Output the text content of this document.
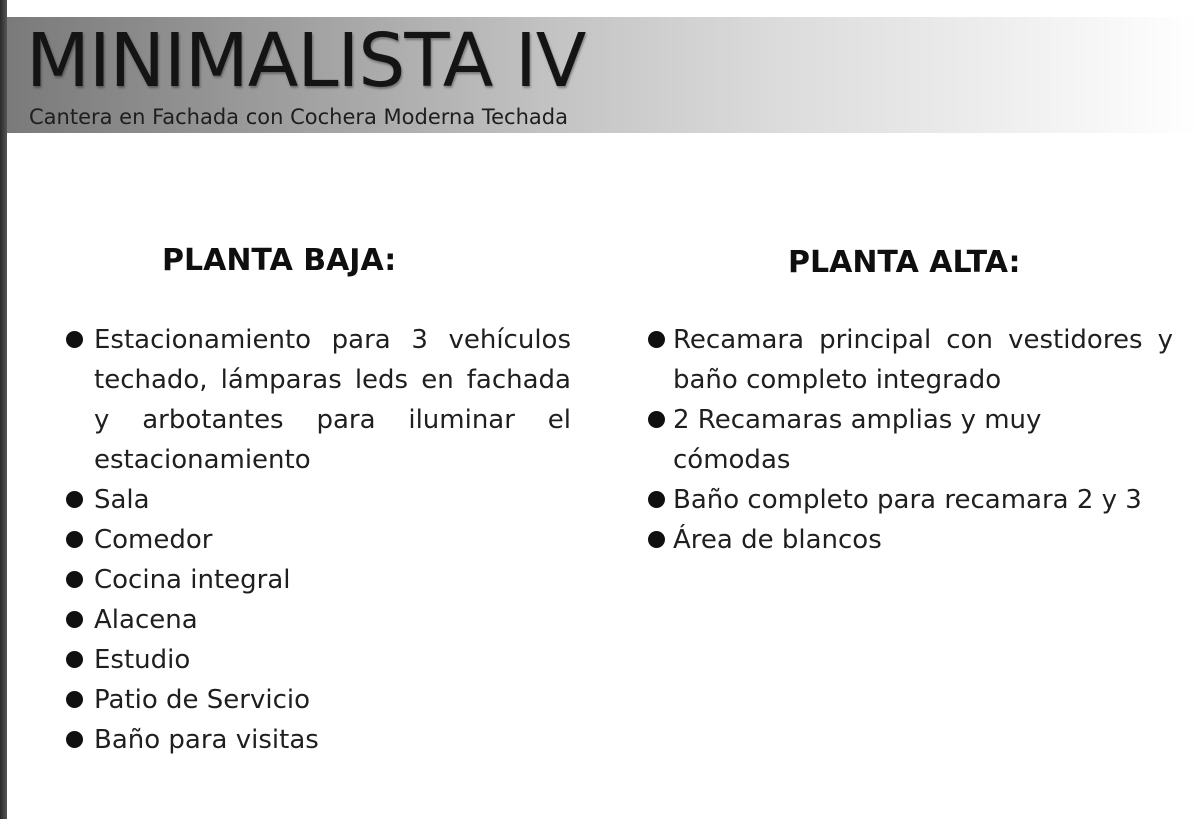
MINIMALISTA IV

Cantera en Fachada con Cochera Moderna Techada

PLANTA BAJA:	PLANTA ALTA:
Estacionamiento para 3 vehículos techado, lámparas leds en fachada y arbotantes para iluminar el estacionamiento
Sala
Comedor
Cocina integral
Alacena
Estudio
Patio de Servicio
Baño para visitas
Recamara principal con vestidores y baño completo integrado
2 Recamaras amplias y muy cómodas
Baño completo para recamara 2 y 3
Área de blancos
